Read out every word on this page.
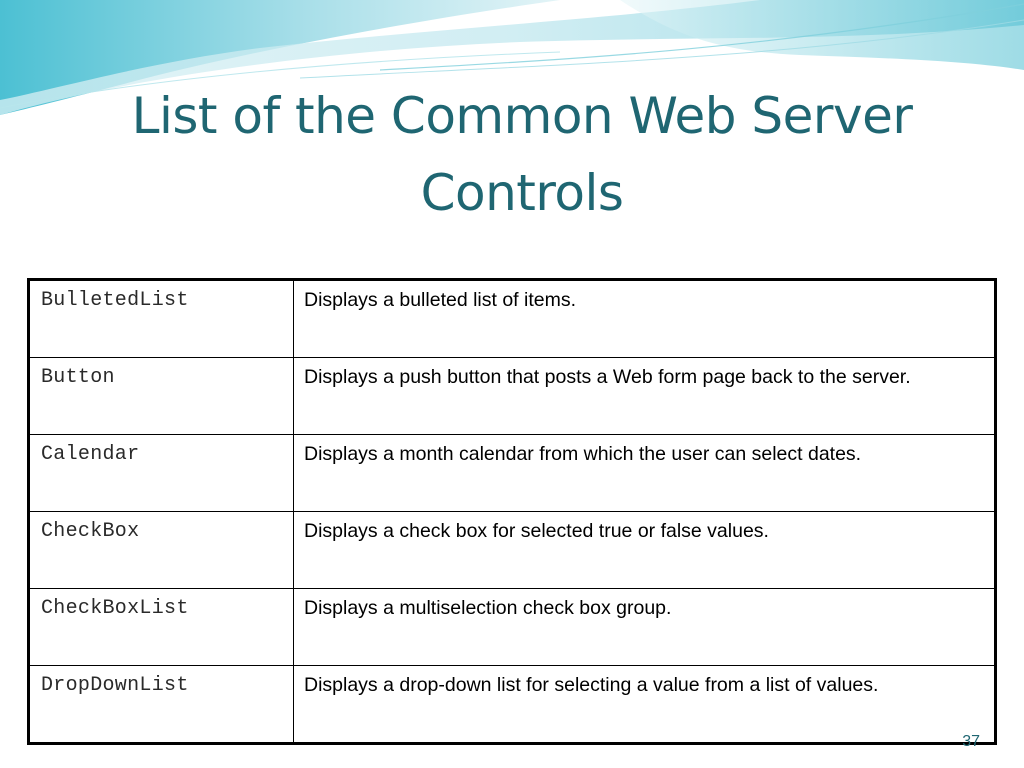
List of the Common Web Server Controls
BulletedList	Displays a bulleted list of items.
Button	Displays a push button that posts a Web form page back to the server.
Calendar	Displays a month calendar from which the user can select dates.
CheckBox	Displays a check box for selected true or false values.
CheckBoxList	Displays a multiselection check box group.
DropDownList	Displays a drop-down list for selecting a value from a list of values.
37
